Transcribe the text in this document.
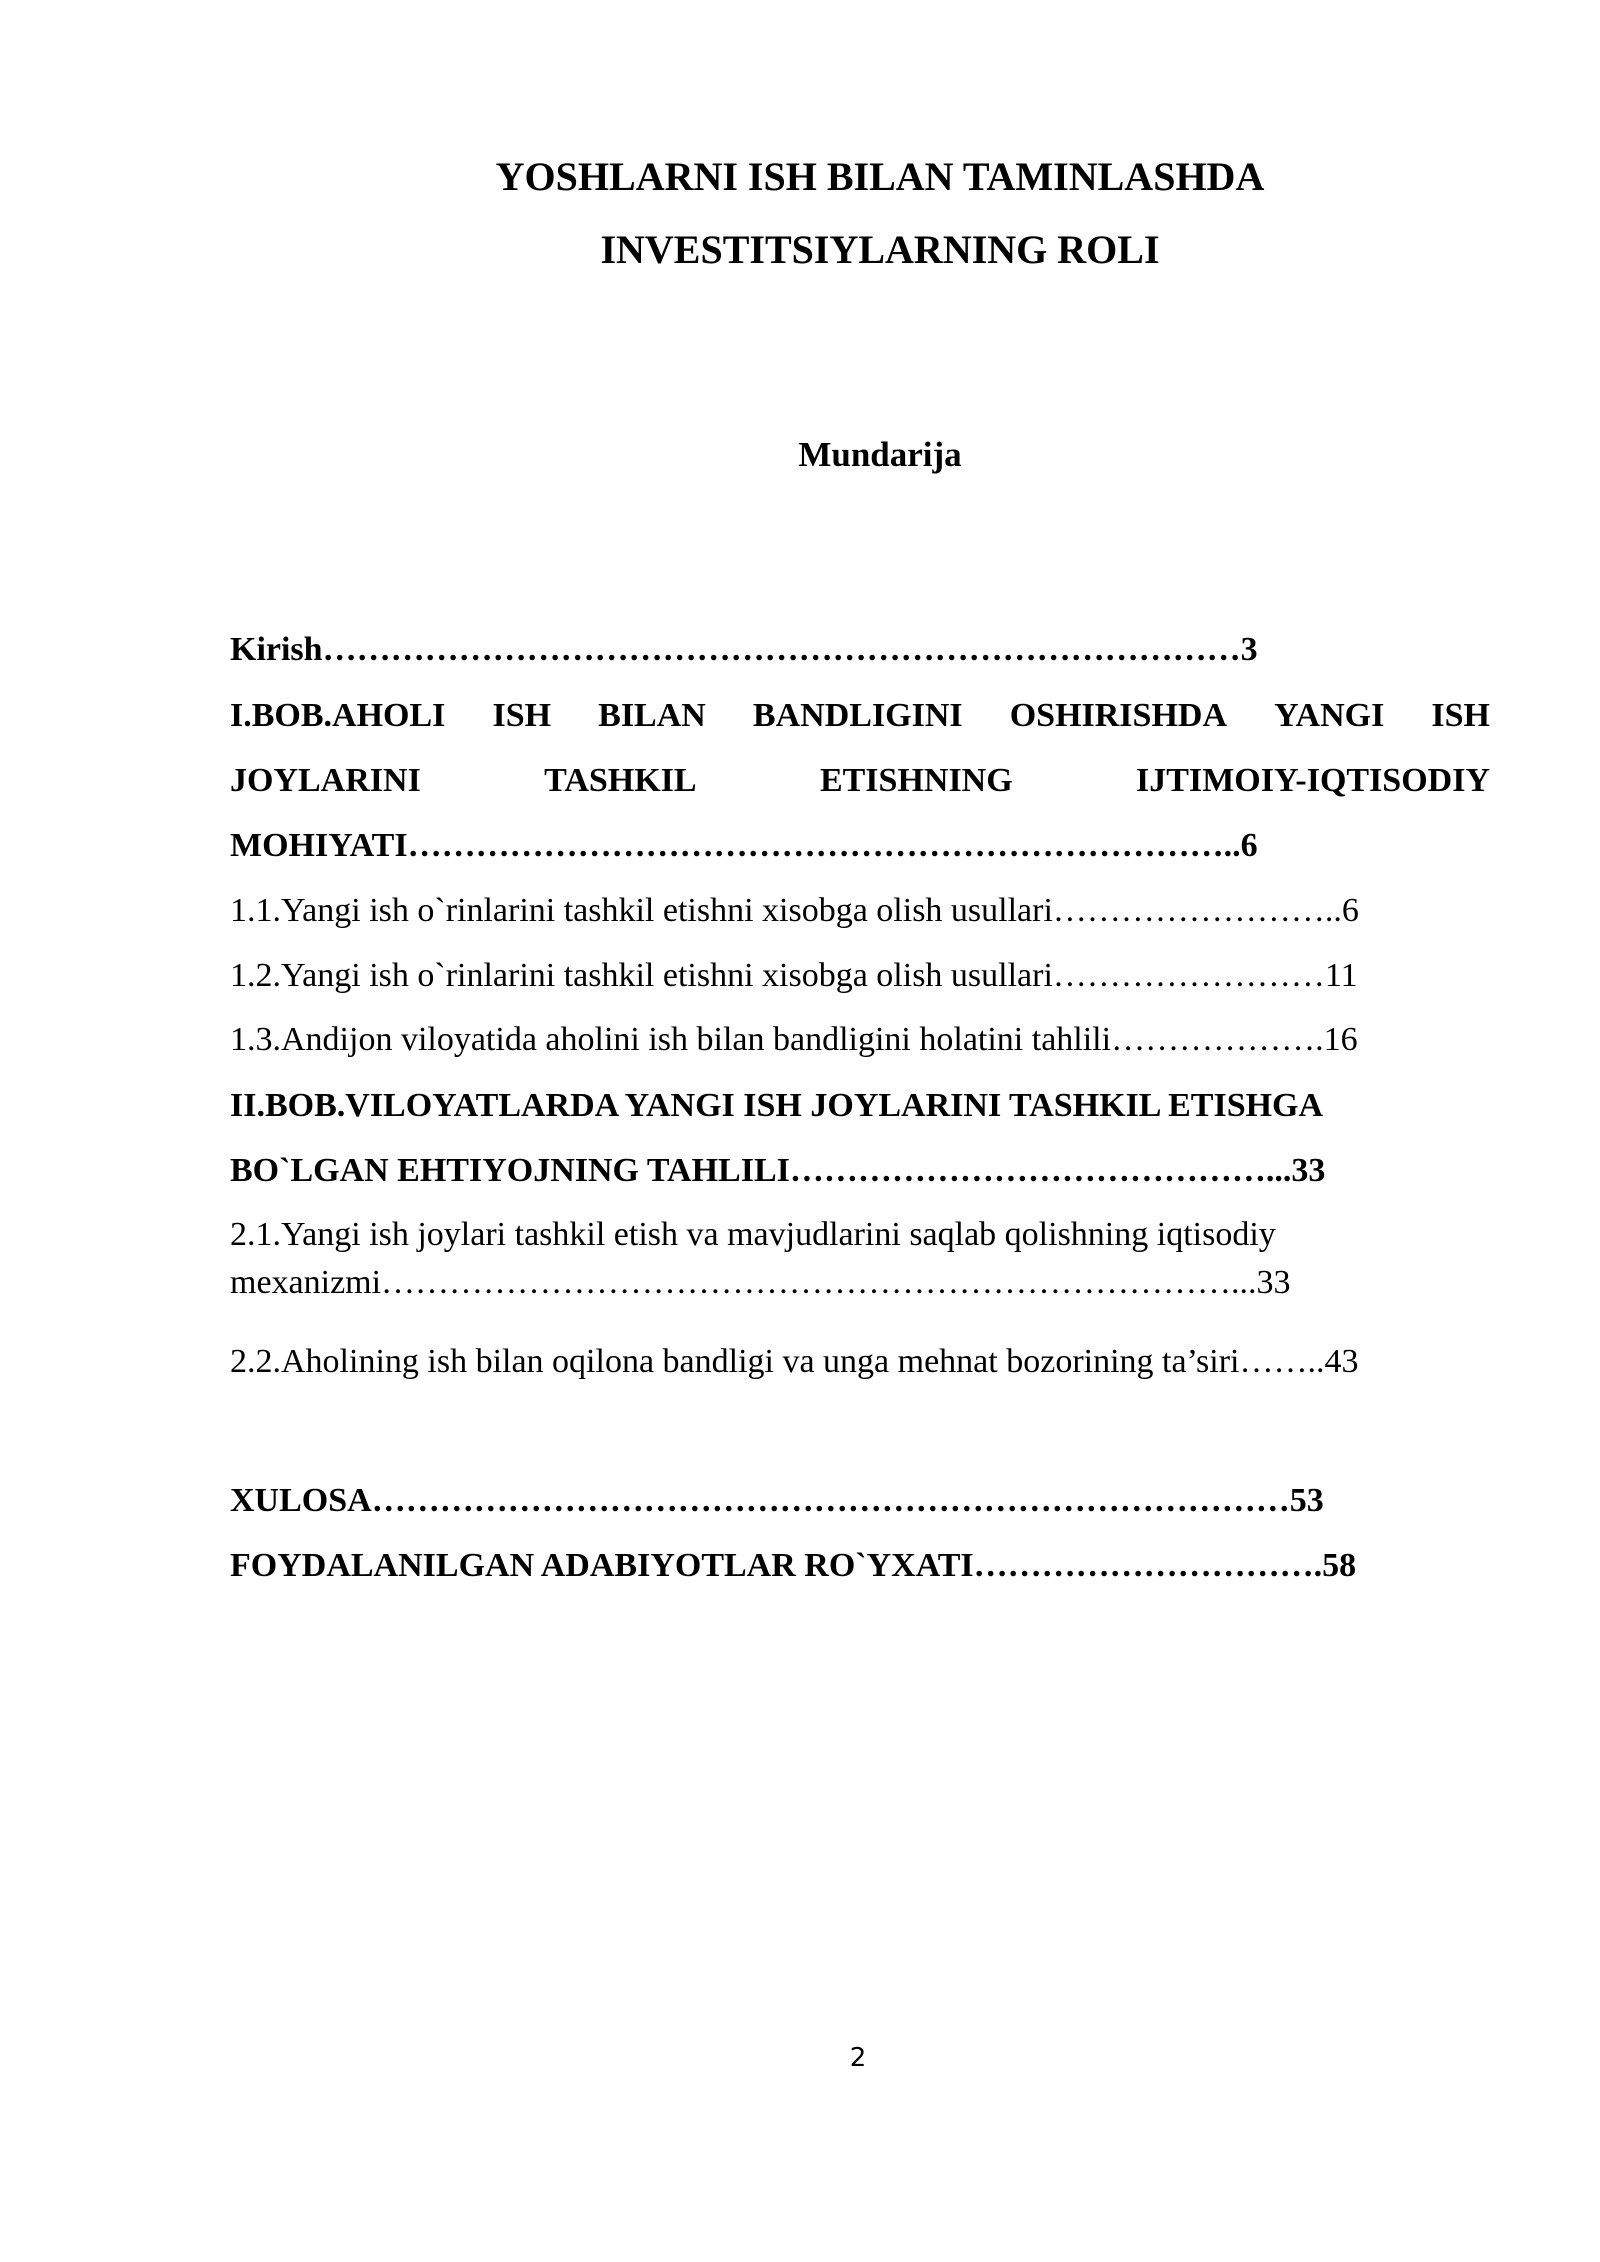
YOSHLARNI ISH BILAN TAMINLASHDA
INVESTITSIYLARNING ROLI
Mundarija
Kirish………………………………………………………………………3
I.BOB.AHOLI ISH BILAN BANDLIGINI OSHIRISHDA YANGI ISH
JOYLARINI	TASHKIL	ETISHNING	IJTIMOIY-IQTISODIY
MOHIYATI………………………………………………………………..6
1.1.Yangi ish o`rinlarini tashkil etishni xisobga olish usullari……………………..6
1.2.Yangi ish o`rinlarini tashkil etishni xisobga olish usullari……………………11
1.3.Andijon viloyatida aholini ish bilan bandligini holatini tahlili……………….16
II.BOB.VILOYATLARDA YANGI ISH JOYLARINI TASHKIL ETISHGA
BO`LGAN EHTIYOJNING TAHLILI……………………………………...33
2.1.Yangi ish joylari tashkil etish va mavjudlarini saqlab qolishning iqtisodiy
mexanizmi…………………………………………………………………...33
2.2.Aholining ish bilan oqilona bandligi va unga mehnat bozorining ta’siri……..43
XULOSA………………………………………………………………………53
FOYDALANILGAN ADABIYOTLAR RO`YXATI………………………….58
2
